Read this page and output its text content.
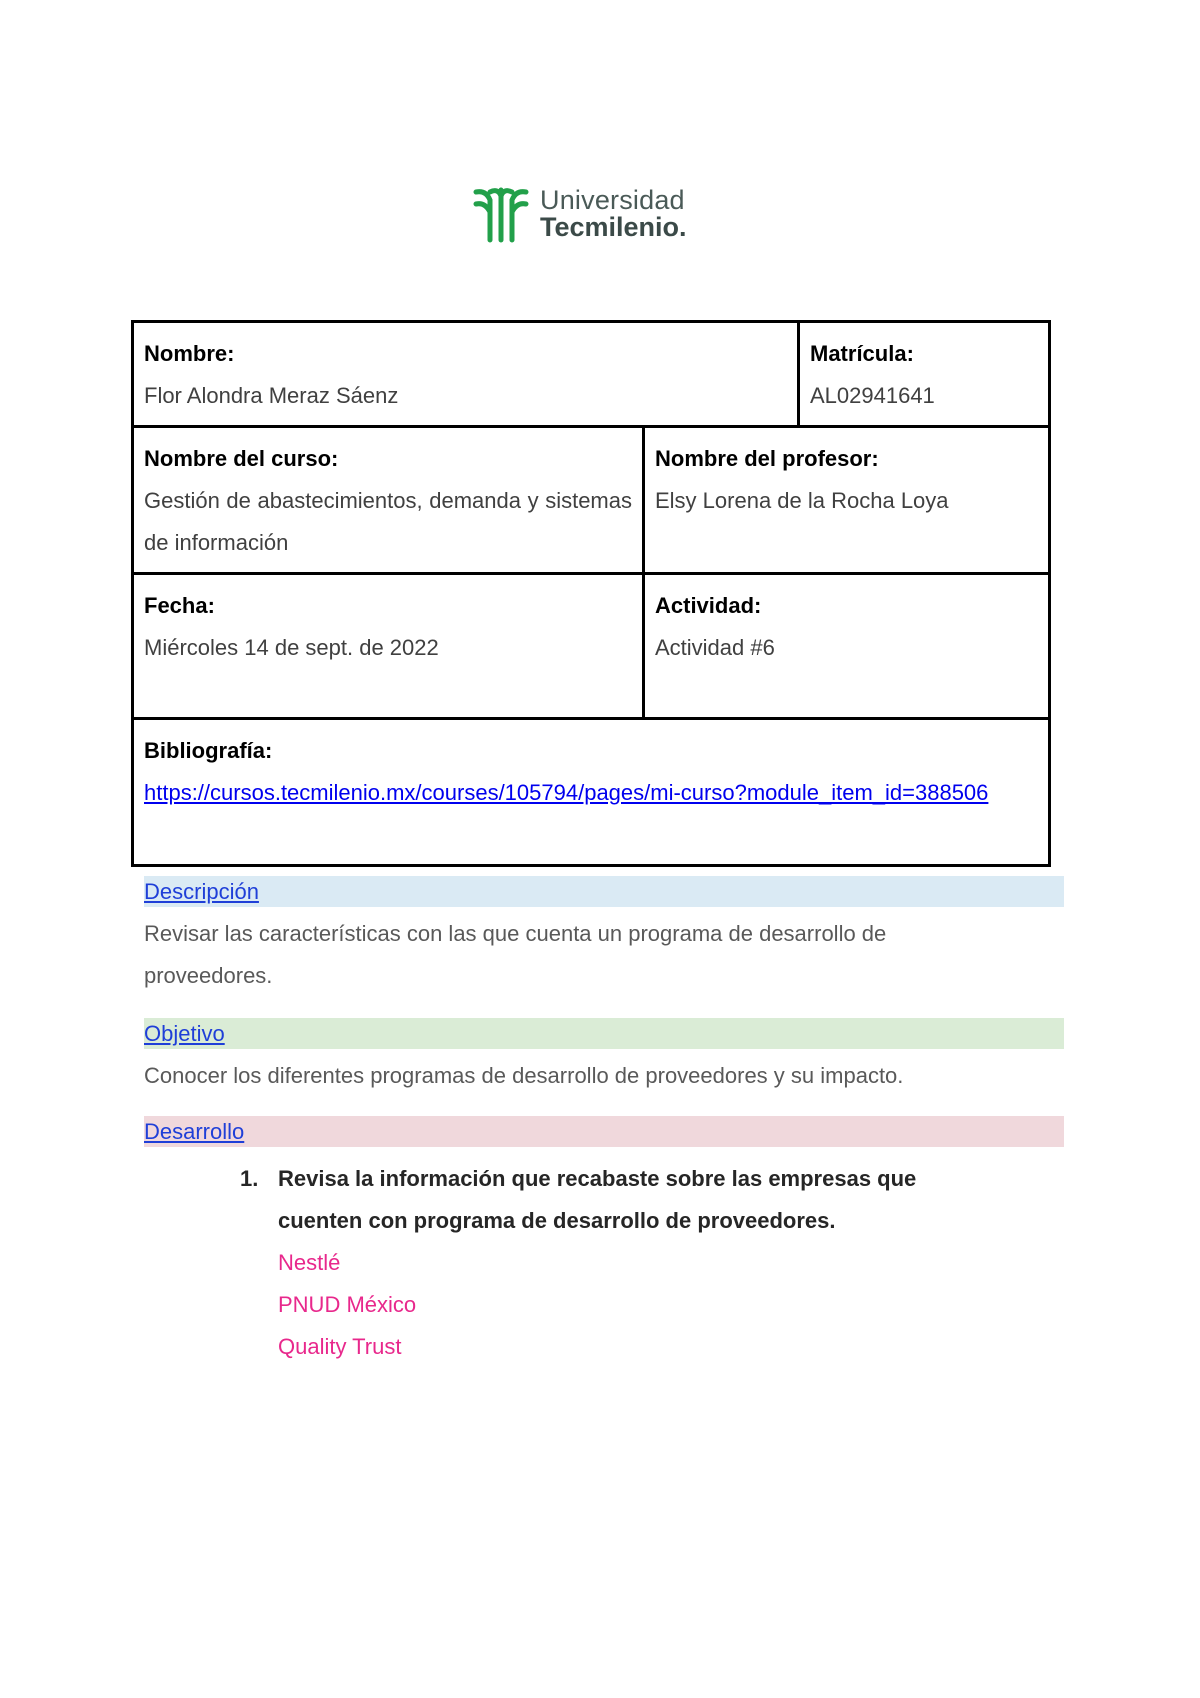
Universidad
Tecmilenio.
Nombre:
Flor Alondra Meraz Sáenz		Matrícula:
AL02941641

Nombre del curso:
Gestión de abastecimientos, demanda y sistemas de información	Nombre del profesor:
Elsy Lorena de la Rocha Loya	

Fecha:
Miércoles 14 de sept. de 2022	Actividad:
Actividad #6	

Bibliografía:
https://cursos.tecmilenio.mx/courses/105794/pages/mi-curso?module_item_id=388506		
Descripción
Revisar las características con las que cuenta un programa de desarrollo de proveedores.
Objetivo
Conocer los diferentes programas de desarrollo de proveedores y su impacto.
Desarrollo
1. Revisa la información que recabaste sobre las empresas que cuenten con programa de desarrollo de proveedores.
Nestlé
PNUD México
Quality Trust
